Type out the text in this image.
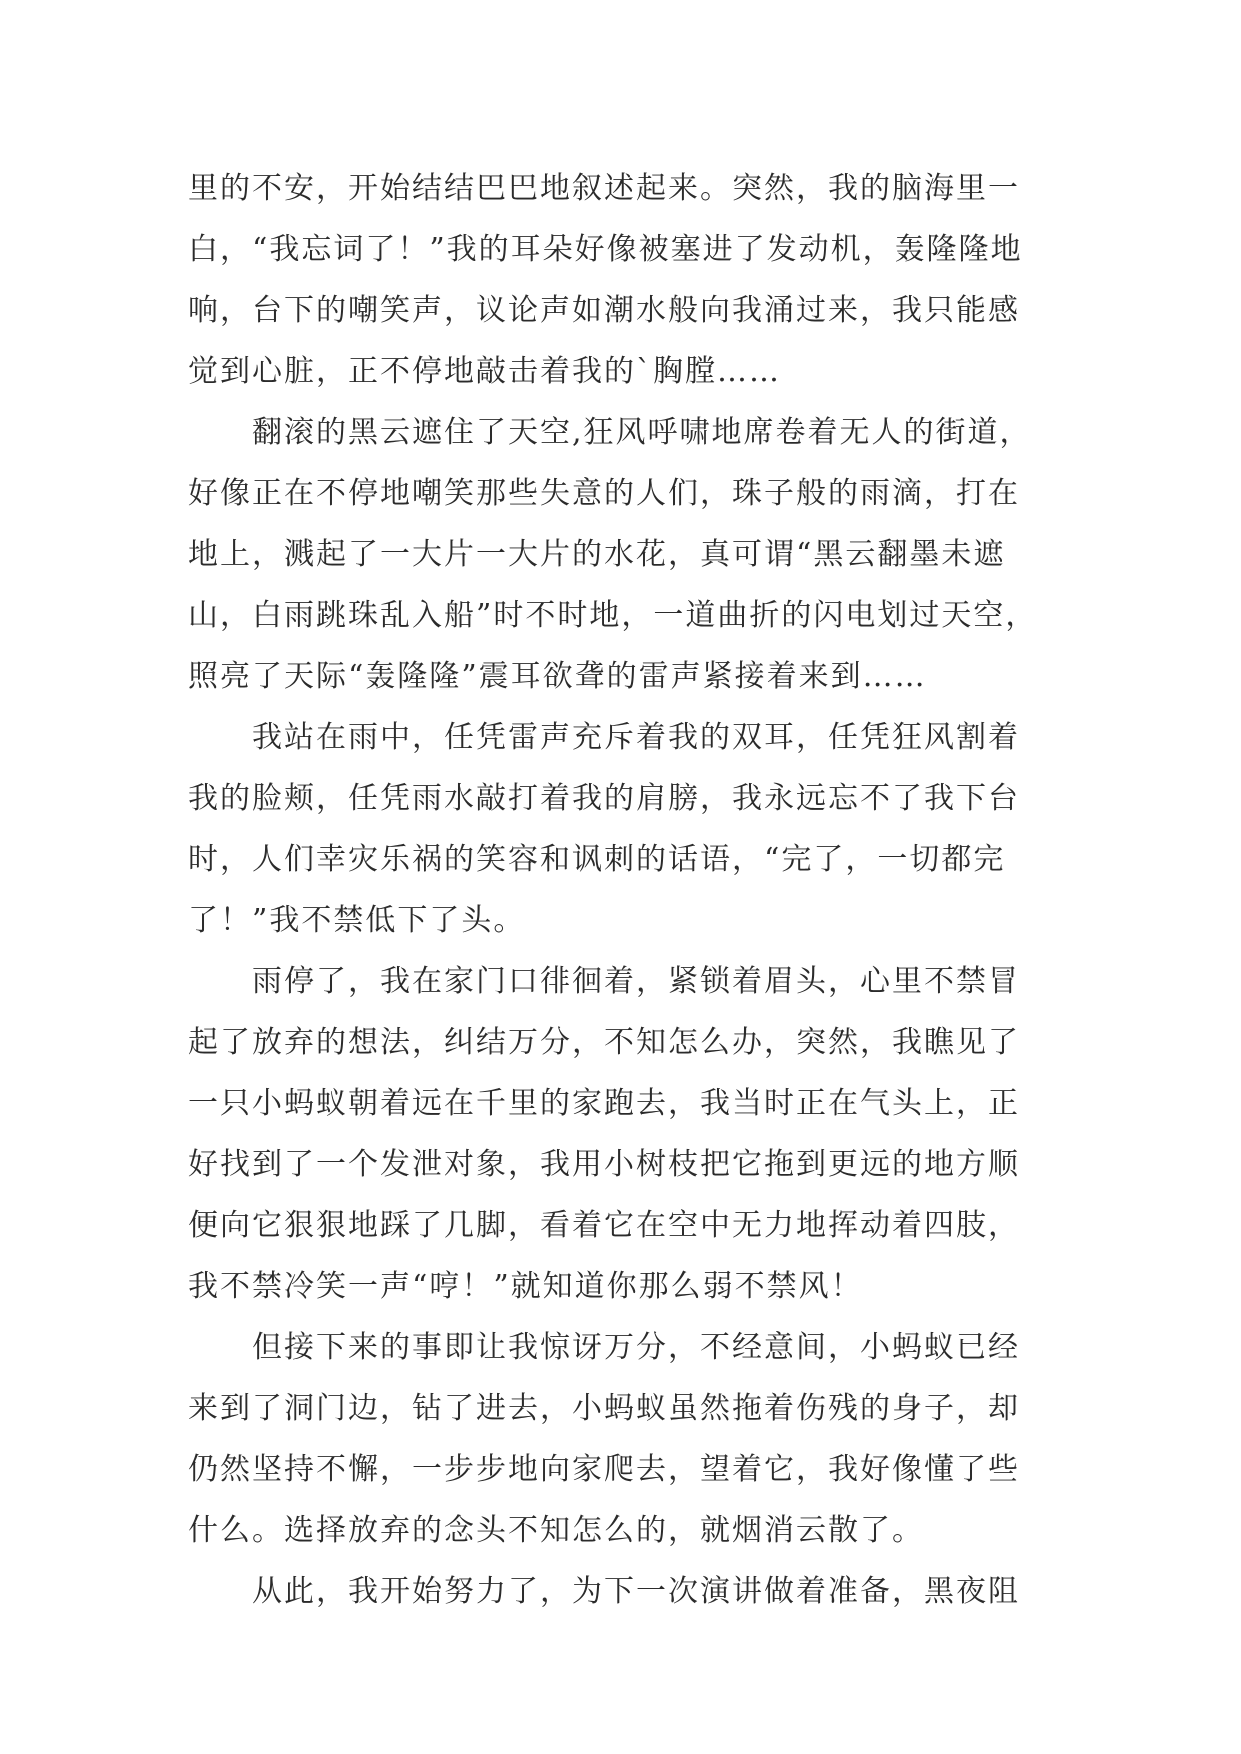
里的不安，开始结结巴巴地叙述起来。突然，我的脑海里一
白，“我忘词了！”我的耳朵好像被塞进了发动机，轰隆隆地
响，台下的嘲笑声，议论声如潮水般向我涌过来，我只能感
觉到心脏，正不停地敲击着我的`胸膛……
翻滚的黑云遮住了天空,狂风呼啸地席卷着无人的街道，
好像正在不停地嘲笑那些失意的人们，珠子般的雨滴，打在
地上，溅起了一大片一大片的水花，真可谓“黑云翻墨未遮
山，白雨跳珠乱入船”时不时地，一道曲折的闪电划过天空，
照亮了天际“轰隆隆”震耳欲聋的雷声紧接着来到……
我站在雨中，任凭雷声充斥着我的双耳，任凭狂风割着
我的脸颊，任凭雨水敲打着我的肩膀，我永远忘不了我下台
时，人们幸灾乐祸的笑容和讽刺的话语，“完了，一切都完
了！”我不禁低下了头。
雨停了，我在家门口徘徊着，紧锁着眉头，心里不禁冒
起了放弃的想法，纠结万分，不知怎么办，突然，我瞧见了
一只小蚂蚁朝着远在千里的家跑去，我当时正在气头上，正
好找到了一个发泄对象，我用小树枝把它拖到更远的地方顺
便向它狠狠地踩了几脚，看着它在空中无力地挥动着四肢，
我不禁冷笑一声“哼！”就知道你那么弱不禁风！
但接下来的事即让我惊讶万分，不经意间，小蚂蚁已经
来到了洞门边，钻了进去，小蚂蚁虽然拖着伤残的身子，却
仍然坚持不懈，一步步地向家爬去，望着它，我好像懂了些
什么。选择放弃的念头不知怎么的，就烟消云散了。
从此，我开始努力了，为下一次演讲做着准备，黑夜阻
